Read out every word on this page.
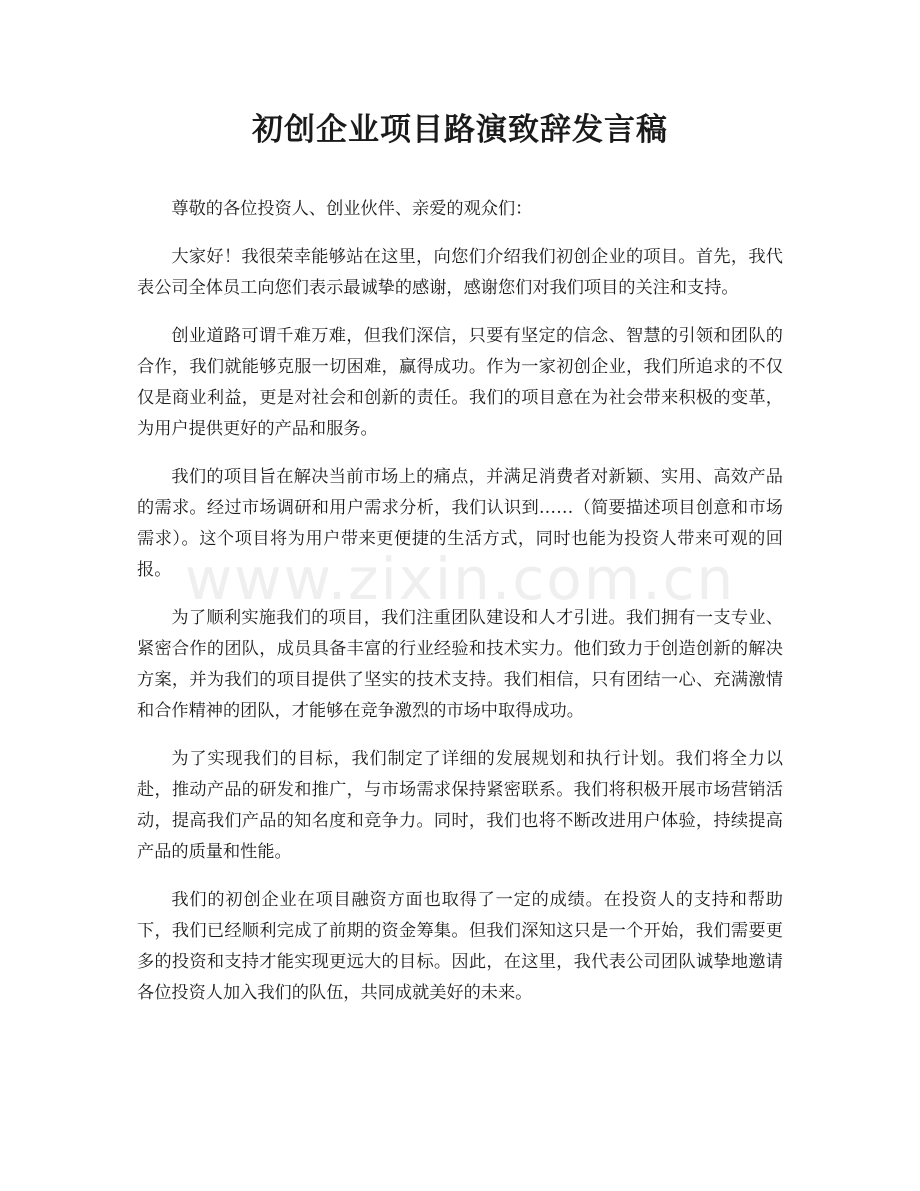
初创企业项目路演致辞发言稿

尊敬的各位投资人、创业伙伴、亲爱的观众们：

大家好！我很荣幸能够站在这里，向您们介绍我们初创企业的项目。首先，我代表公司全体员工向您们表示最诚挚的感谢，感谢您们对我们项目的关注和支持。

创业道路可谓千难万难，但我们深信，只要有坚定的信念、智慧的引领和团队的合作，我们就能够克服一切困难，赢得成功。作为一家初创企业，我们所追求的不仅仅是商业利益，更是对社会和创新的责任。我们的项目意在为社会带来积极的变革，为用户提供更好的产品和服务。

我们的项目旨在解决当前市场上的痛点，并满足消费者对新颖、实用、高效产品的需求。经过市场调研和用户需求分析，我们认识到……（简要描述项目创意和市场需求）。这个项目将为用户带来更便捷的生活方式，同时也能为投资人带来可观的回报。

为了顺利实施我们的项目，我们注重团队建设和人才引进。我们拥有一支专业、紧密合作的团队，成员具备丰富的行业经验和技术实力。他们致力于创造创新的解决方案，并为我们的项目提供了坚实的技术支持。我们相信，只有团结一心、充满激情和合作精神的团队，才能够在竞争激烈的市场中取得成功。

为了实现我们的目标，我们制定了详细的发展规划和执行计划。我们将全力以赴，推动产品的研发和推广，与市场需求保持紧密联系。我们将积极开展市场营销活动，提高我们产品的知名度和竞争力。同时，我们也将不断改进用户体验，持续提高产品的质量和性能。

我们的初创企业在项目融资方面也取得了一定的成绩。在投资人的支持和帮助下，我们已经顺利完成了前期的资金筹集。但我们深知这只是一个开始，我们需要更多的投资和支持才能实现更远大的目标。因此，在这里，我代表公司团队诚挚地邀请各位投资人加入我们的队伍，共同成就美好的未来。

www.zixin.com.cn
